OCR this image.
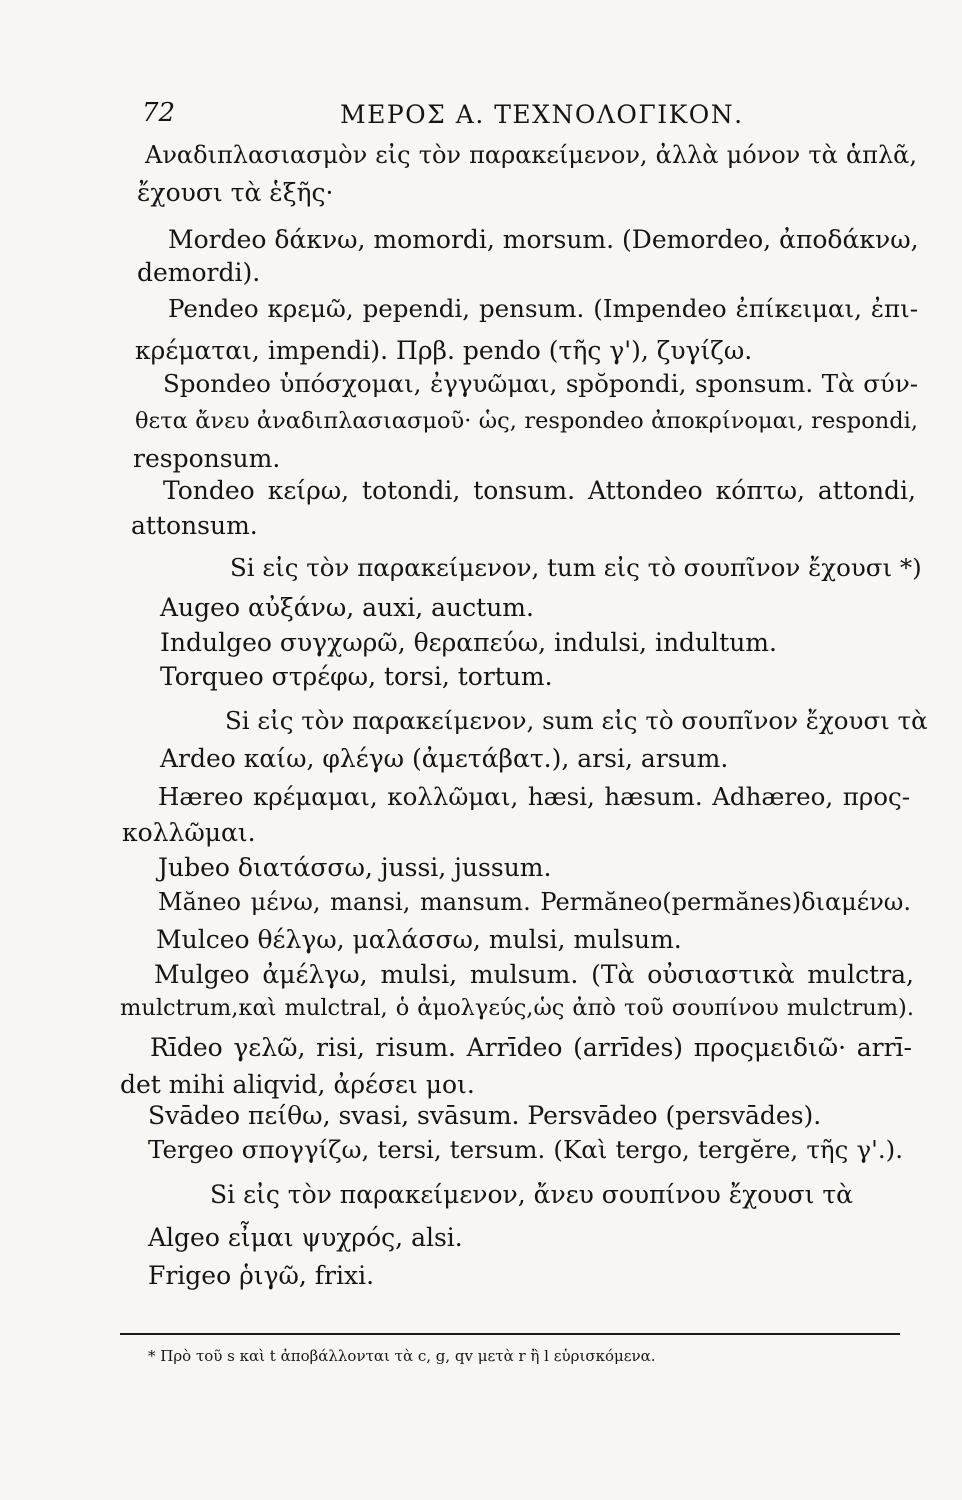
72	ΜΕΡΟΣ Α. ΤΕΧΝΟΛΟΓΙΚΟΝ.
Αναδιπλασιασμὸν εἰς τὸν παρακείμενον, ἀλλὰ μόνον τὰ ἁπλᾶ,
ἔχουσι τὰ ἑξῆς·
Mordeo δάκνω, momordi, morsum. (Demordeo, ἀποδάκνω,
demordi).
Pendeo κρεμῶ, pependi, pensum. (Impendeo ἐπίκειμαι, ἐπι-
κρέμαται, impendi). Πρβ. pendo (τῆς γ'), ζυγίζω.
Spondeo ὑπόσχομαι, ἐγγυῶμαι, spŏpondi, sponsum. Τὰ σύν-
θετα ἄνευ ἀναδιπλασιασμοῦ· ὡς, respondeo ἀποκρίνομαι, respondi,
responsum.
Tondeo κείρω, totondi, tonsum. Attondeo κόπτω, attondi,
attonsum.
Si εἰς τὸν παρακείμενον, tum εἰς τὸ σουπῖνον ἔχουσι *)
Augeo αὐξάνω, auxi, auctum.
Indulgeo συγχωρῶ, θεραπεύω, indulsi, indultum.
Torqueo στρέφω, torsi, tortum.
Si εἰς τὸν παρακείμενον, sum εἰς τὸ σουπῖνον ἔχουσι τὰ
Ardeo καίω, φλέγω (ἀμετάβατ.), arsi, arsum.
Hæreo κρέμαμαι, κολλῶμαι, hæsi, hæsum. Adhæreo, προς-
κολλῶμαι.
Jubeo διατάσσω, jussi, jussum.
Măneo μένω, mansi, mansum. Permăneo(permănes)διαμένω.
Mulceo θέλγω, μαλάσσω, mulsi, mulsum.
Mulgeo ἀμέλγω, mulsi, mulsum. (Τὰ οὐσιαστικὰ mulctra,
mulctrum,καὶ mulctral, ὁ ἀμολγεύς,ὡς ἀπὸ τοῦ σουπίνου mulctrum).
Rīdeo γελῶ, risi, risum. Arrīdeo (arrīdes) προςμειδιῶ· arrī-
det mihi aliqvid, ἀρέσει μοι.
Svādeo πείθω, svasi, svāsum. Persvādeo (persvādes).
Tergeo σπογγίζω, tersi, tersum. (Καὶ tergo, tergĕre, τῆς γ'.).
Si εἰς τὸν παρακείμενον, ἄνευ σουπίνου ἔχουσι τὰ
Algeo εἶμαι ψυχρός, alsi.
Frigeo ῥιγῶ, frixi.
* Πρὸ τοῦ s καὶ t ἀποβάλλονται τὰ c, g, qv μετὰ r ἢ l εὑρισκόμενα.
